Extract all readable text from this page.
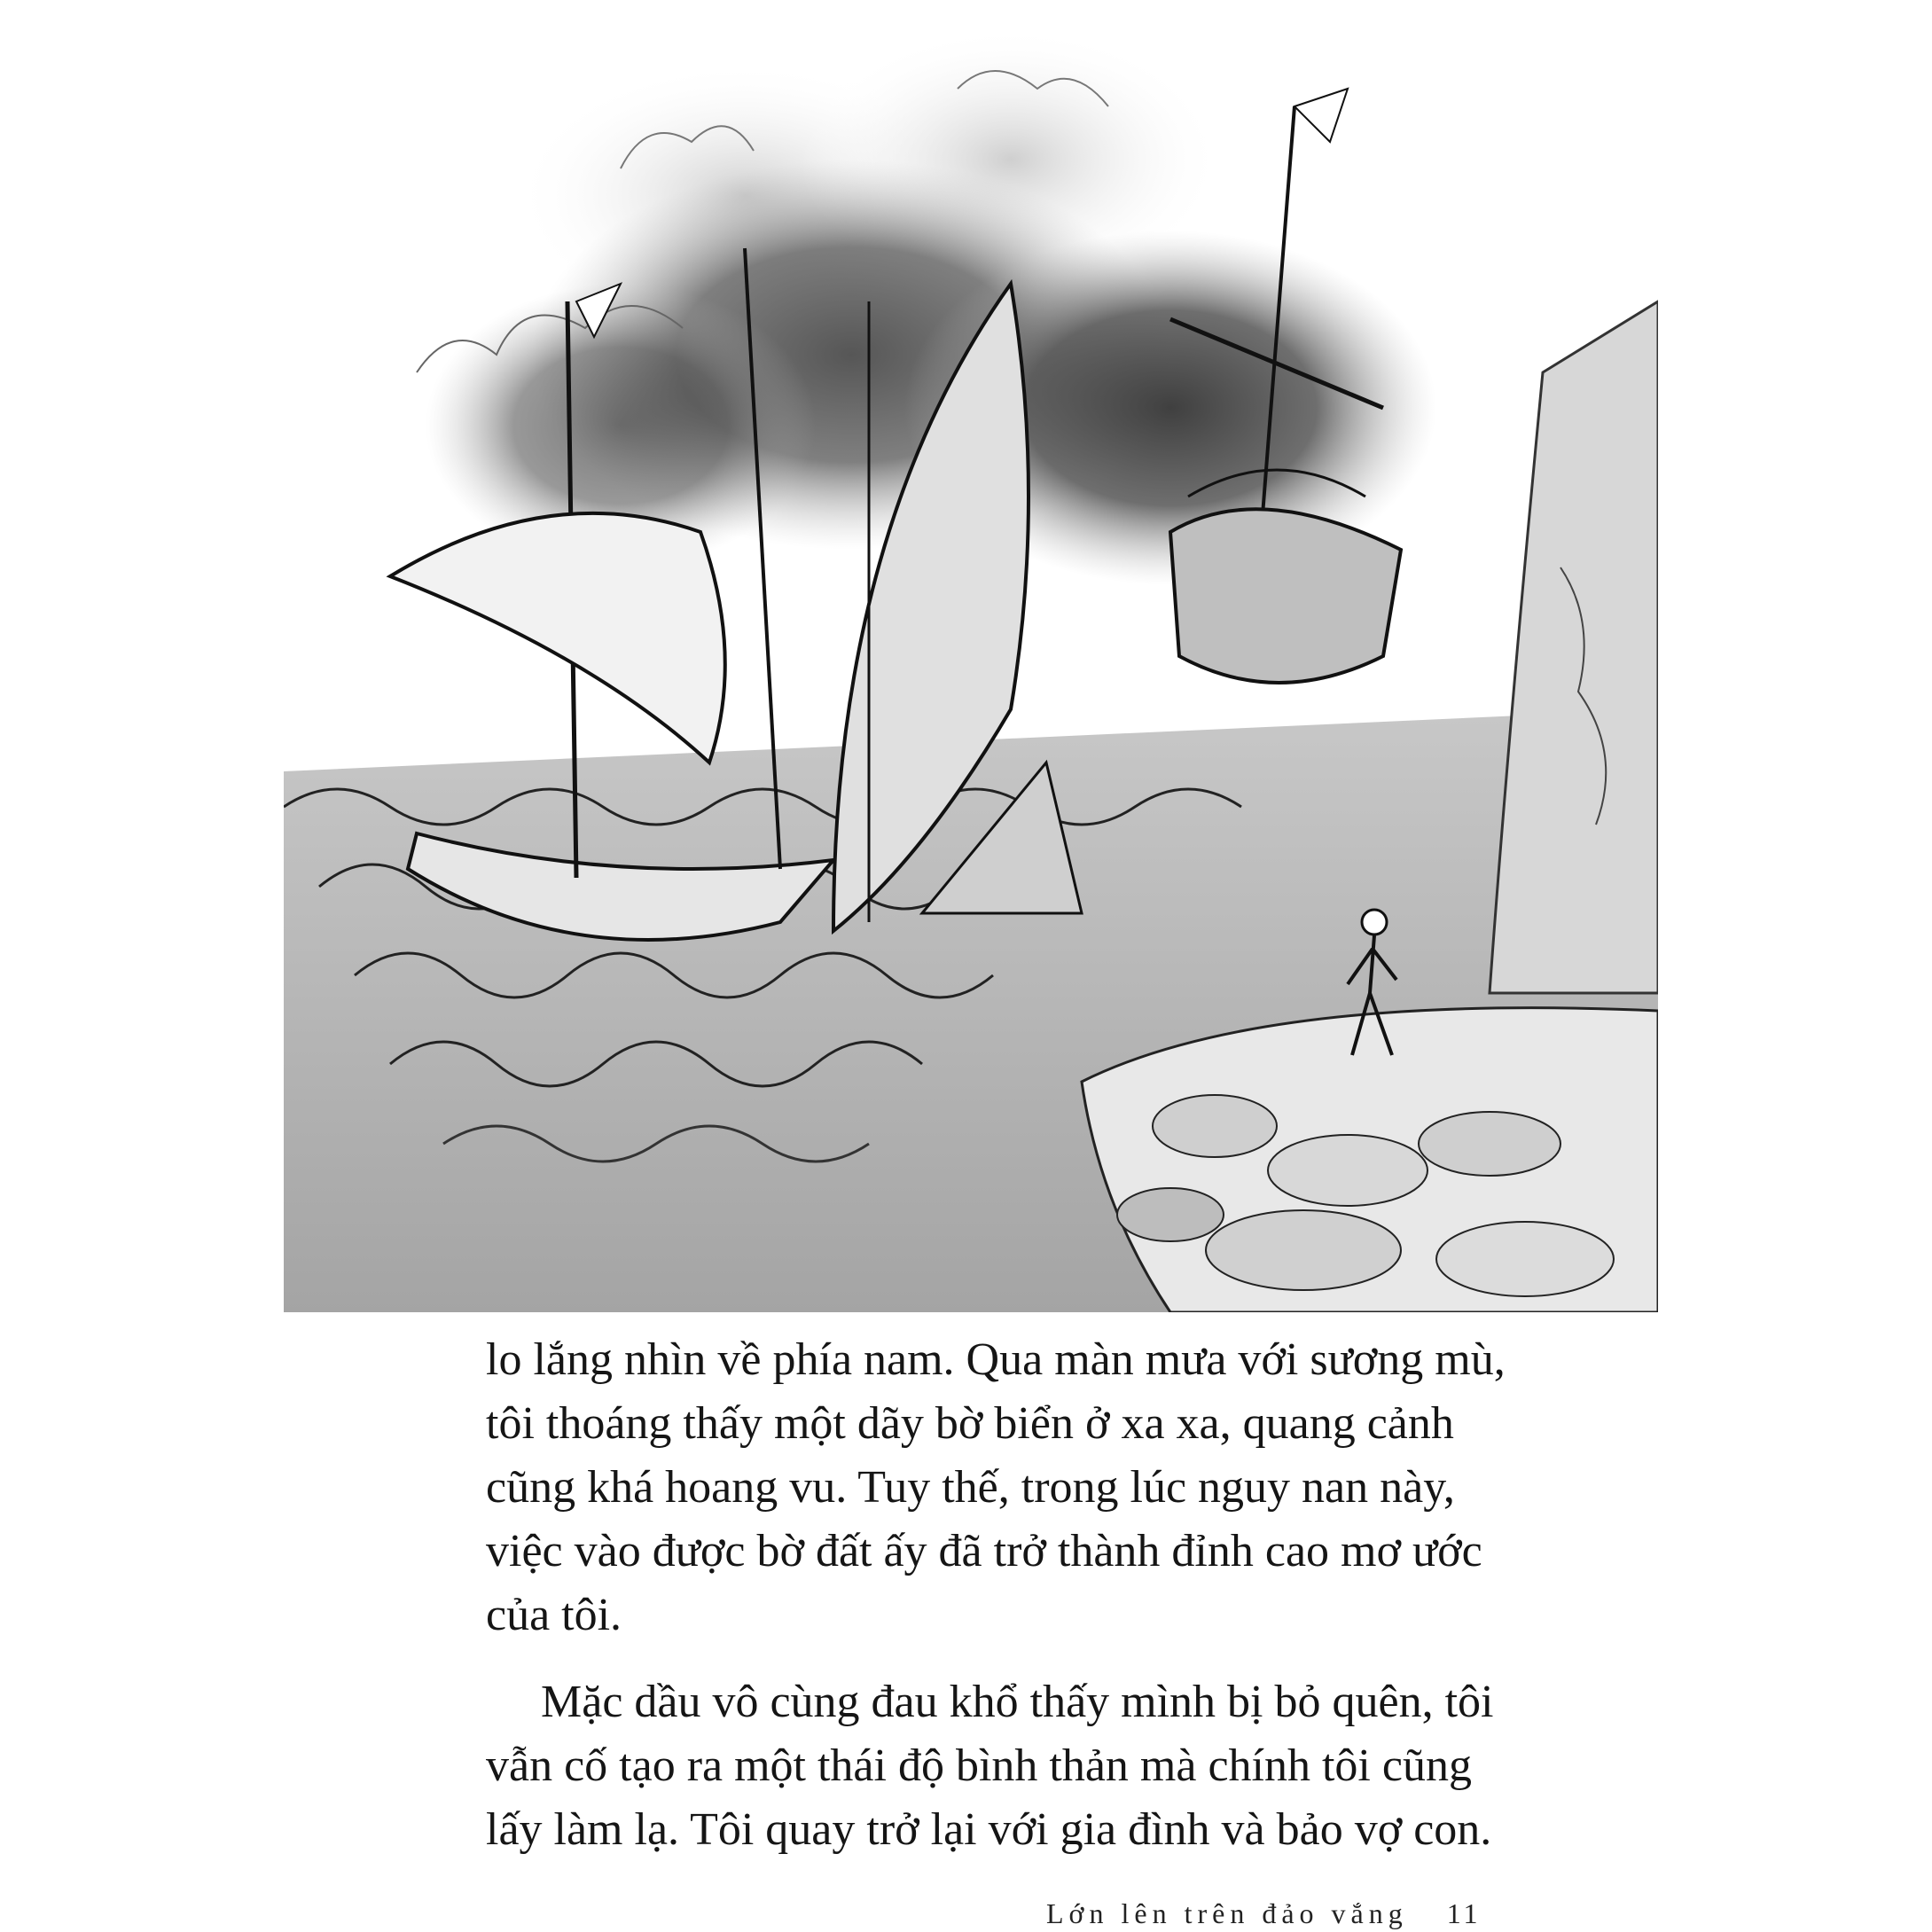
lo lắng nhìn về phía nam. Qua màn mưa với sương mù,
tôi thoáng thấy một dãy bờ biển ở xa xa, quang cảnh
cũng khá hoang vu. Tuy thế, trong lúc nguy nan này,
việc vào được bờ đất ấy đã trở thành đỉnh cao mơ ước
của tôi.

Mặc dầu vô cùng đau khổ thấy mình bị bỏ quên, tôi
vẫn cố tạo ra một thái độ bình thản mà chính tôi cũng
lấy làm lạ. Tôi quay trở lại với gia đình và bảo vợ con.

Lớn lên trên đảo vắng 11
